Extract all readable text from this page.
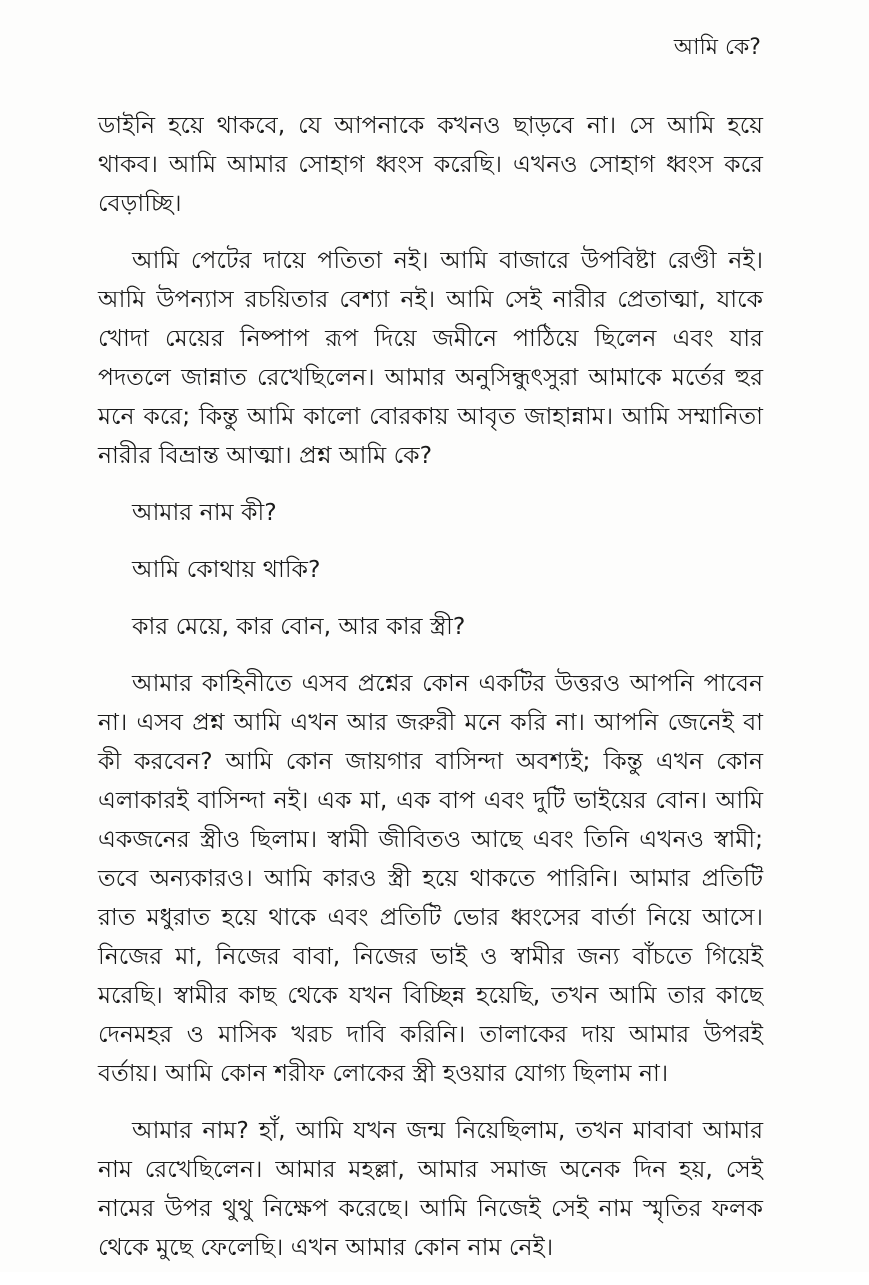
আমি কে?

ডাইনি হয়ে থাকবে, যে আপনাকে কখনও ছাড়বে না। সে আমি হয়ে থাকব। আমি আমার সোহাগ ধ্বংস করেছি। এখনও সোহাগ ধ্বংস করে বেড়াচ্ছি।

আমি পেটের দায়ে পতিতা নই। আমি বাজারে উপবিষ্টা রেণ্ডী নই। আমি উপন্যাস রচয়িতার বেশ্যা নই। আমি সেই নারীর প্রেতাত্মা, যাকে খোদা মেয়ের নিষ্পাপ রূপ দিয়ে জমীনে পাঠিয়ে ছিলেন এবং যার পদতলে জান্নাত রেখেছিলেন। আমার অনুসিন্ধুৎসুরা আমাকে মর্তের হুর মনে করে; কিন্তু আমি কালো বোরকায় আবৃত জাহান্নাম। আমি সম্মানিতা নারীর বিভ্রান্ত আত্মা। প্রশ্ন আমি কে?

আমার নাম কী?

আমি কোথায় থাকি?

কার মেয়ে, কার বোন, আর কার স্ত্রী?

আমার কাহিনীতে এসব প্রশ্নের কোন একটির উত্তরও আপনি পাবেন না। এসব প্রশ্ন আমি এখন আর জরুরী মনে করি না। আপনি জেনেই বা কী করবেন? আমি কোন জায়গার বাসিন্দা অবশ্যই; কিন্তু এখন কোন এলাকারই বাসিন্দা নই। এক মা, এক বাপ এবং দুটি ভাইয়ের বোন। আমি একজনের স্ত্রীও ছিলাম। স্বামী জীবিতও আছে এবং তিনি এখনও স্বামী; তবে অন্যকারও। আমি কারও স্ত্রী হয়ে থাকতে পারিনি। আমার প্রতিটি রাত মধুরাত হয়ে থাকে এবং প্রতিটি ভোর ধ্বংসের বার্তা নিয়ে আসে। নিজের মা, নিজের বাবা, নিজের ভাই ও স্বামীর জন্য বাঁচতে গিয়েই মরেছি। স্বামীর কাছ থেকে যখন বিচ্ছিন্ন হয়েছি, তখন আমি তার কাছে দেনমহর ও মাসিক খরচ দাবি করিনি। তালাকের দায় আমার উপরই বর্তায়। আমি কোন শরীফ লোকের স্ত্রী হওয়ার যোগ্য ছিলাম না।

আমার নাম? হাঁ, আমি যখন জন্ম নিয়েছিলাম, তখন মাবাবা আমার নাম রেখেছিলেন। আমার মহল্লা, আমার সমাজ অনেক দিন হয়, সেই নামের উপর থুথু নিক্ষেপ করেছে। আমি নিজেই সেই নাম স্মৃতির ফলক থেকে মুছে ফেলেছি। এখন আমার কোন নাম নেই।
